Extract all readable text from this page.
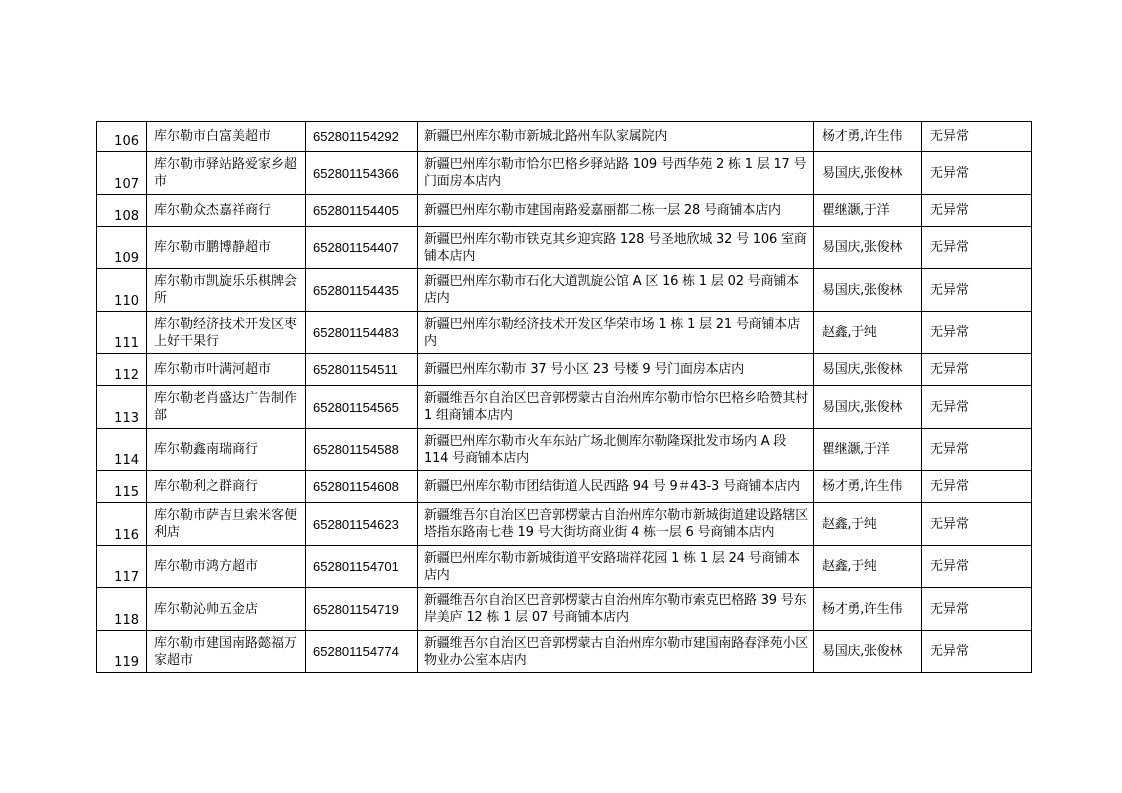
106	库尔勒市白富美超市	652801154292	新疆巴州库尔勒市新城北路州车队家属院内	杨才勇,许生伟	无异常
107	库尔勒市驿站路爱家乡超市	652801154366	新疆巴州库尔勒市恰尔巴格乡驿站路 109 号西华苑 2 栋 1 层 17 号门面房本店内	易国庆,张俊林	无异常
108	库尔勒众杰嘉祥商行	652801154405	新疆巴州库尔勒市建国南路爱嘉丽都二栋一层 28 号商铺本店内	瞿继灏,于洋	无异常
109	库尔勒市鹏博静超市	652801154407	新疆巴州库尔勒市铁克其乡迎宾路 128 号圣地欣城 32 号 106 室商铺本店内	易国庆,张俊林	无异常
110	库尔勒市凯旋乐乐棋牌会所	652801154435	新疆巴州库尔勒市石化大道凯旋公馆 A 区 16 栋 1 层 02 号商铺本店内	易国庆,张俊林	无异常
111	库尔勒经济技术开发区枣上好干果行	652801154483	新疆巴州库尔勒经济技术开发区华荣市场 1 栋 1 层 21 号商铺本店内	赵鑫,于纯	无异常
112	库尔勒市叶满河超市	652801154511	新疆巴州库尔勒市 37 号小区 23 号楼 9 号门面房本店内	易国庆,张俊林	无异常
113	库尔勒老肖盛达广告制作部	652801154565	新疆维吾尔自治区巴音郭楞蒙古自治州库尔勒市恰尔巴格乡哈赞其村 1 组商铺本店内	易国庆,张俊林	无异常
114	库尔勒鑫南瑞商行	652801154588	新疆巴州库尔勒市火车东站广场北侧库尔勒隆琛批发市场内 A 段 114 号商铺本店内	瞿继灏,于洋	无异常
115	库尔勒利之群商行	652801154608	新疆巴州库尔勒市团结街道人民西路 94 号 9＃43-3 号商铺本店内	杨才勇,许生伟	无异常
116	库尔勒市萨吉旦索米客便利店	652801154623	新疆维吾尔自治区巴音郭楞蒙古自治州库尔勒市新城街道建设路辖区塔指东路南七巷 19 号大街坊商业街 4 栋一层 6 号商铺本店内	赵鑫,于纯	无异常
117	库尔勒市鸿方超市	652801154701	新疆巴州库尔勒市新城街道平安路瑞祥花园 1 栋 1 层 24 号商铺本店内	赵鑫,于纯	无异常
118	库尔勒沁帅五金店	652801154719	新疆维吾尔自治区巴音郭楞蒙古自治州库尔勒市索克巴格路 39 号东岸美庐 12 栋 1 层 07 号商铺本店内	杨才勇,许生伟	无异常
119	库尔勒市建国南路懿福万家超市	652801154774	新疆维吾尔自治区巴音郭楞蒙古自治州库尔勒市建国南路春泽苑小区物业办公室本店内	易国庆,张俊林	无异常
